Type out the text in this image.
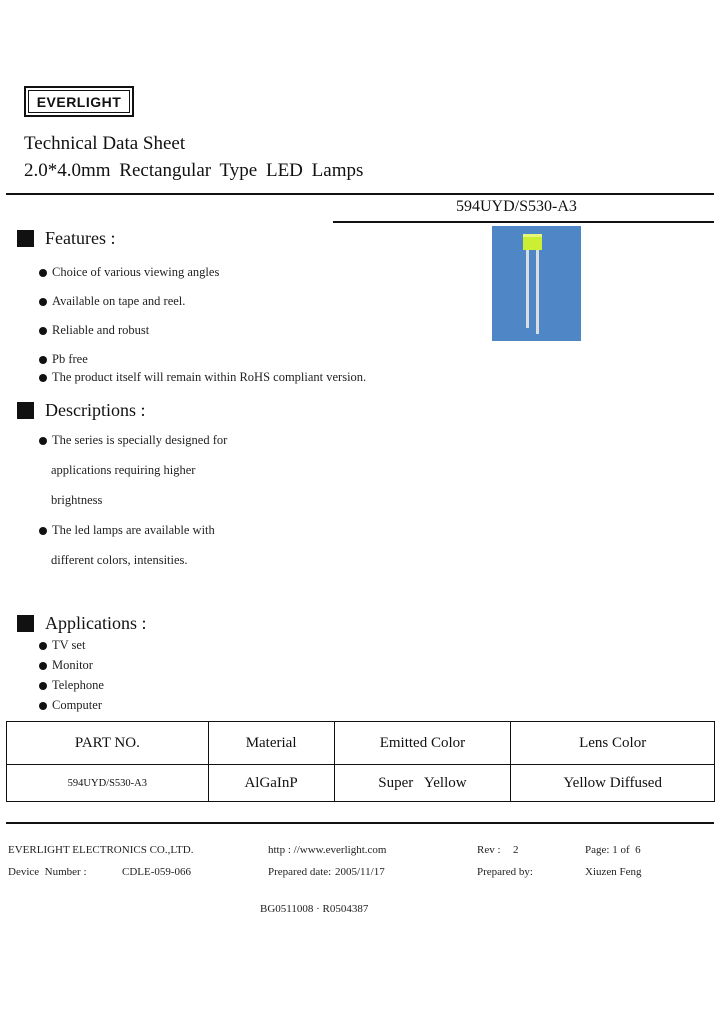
EVERLIGHT
Technical Data Sheet
2.0*4.0mm Rectangular Type LED Lamps
594UYD/S530-A3
Features :
Choice of various viewing angles
Available on tape and reel.
Reliable and robust
Pb free
The product itself will remain within RoHS compliant version.
Descriptions :
The series is specially designed for
applications requiring higher
brightness
The led lamps are available with
different colors, intensities.
Applications :
TV set
Monitor
Telephone
Computer
PART NO.	Material	Emitted Color	Lens Color
594UYD/S530-A3	AlGaInP	Super   Yellow	Yellow Diffused
EVERLIGHT ELECTRONICS CO.,LTD.	http : //www.everlight.com	Rev : 2	Page: 1 of  6
Device  Number :	CDLE-059-066	Prepared date: 2005/11/17	Prepared by:	Xiuzen Feng
BG0511008 · R0504387
